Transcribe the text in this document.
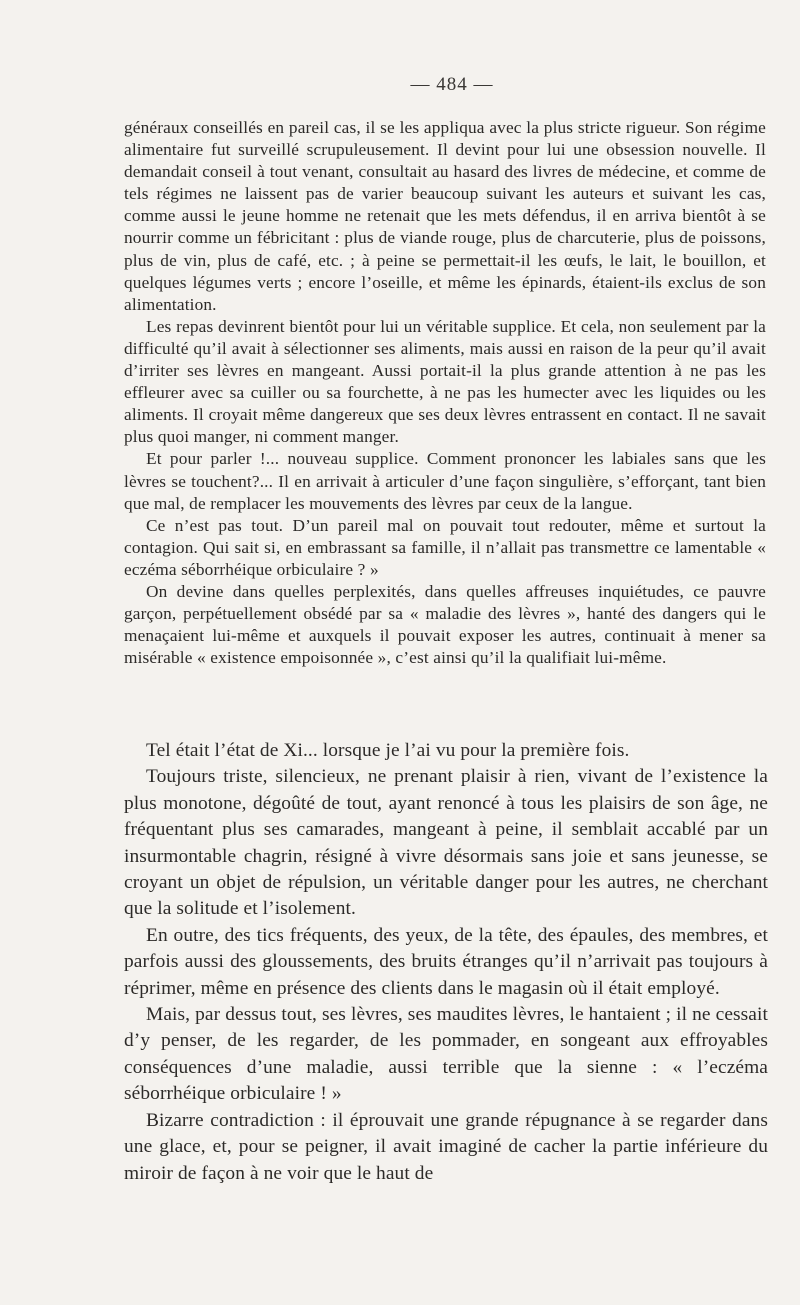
— 484 —

généraux conseillés en pareil cas, il se les appliqua avec la plus stricte rigueur. Son régime alimentaire fut surveillé scrupuleusement. Il devint pour lui une obsession nouvelle. Il demandait conseil à tout venant, consultait au hasard des livres de médecine, et comme de tels régimes ne laissent pas de varier beaucoup suivant les auteurs et suivant les cas, comme aussi le jeune homme ne retenait que les mets défendus, il en arriva bientôt à se nourrir comme un fébricitant : plus de viande rouge, plus de charcuterie, plus de poissons, plus de vin, plus de café, etc. ; à peine se permettait-il les œufs, le lait, le bouillon, et quelques légumes verts ; encore l’oseille, et même les épinards, étaient-ils exclus de son alimentation.

Les repas devinrent bientôt pour lui un véritable supplice. Et cela, non seulement par la difficulté qu’il avait à sélectionner ses aliments, mais aussi en raison de la peur qu’il avait d’irriter ses lèvres en mangeant. Aussi portait-il la plus grande attention à ne pas les effleurer avec sa cuiller ou sa fourchette, à ne pas les humecter avec les liquides ou les aliments. Il croyait même dangereux que ses deux lèvres entrassent en contact. Il ne savait plus quoi manger, ni comment manger.

Et pour parler !... nouveau supplice. Comment prononcer les labiales sans que les lèvres se touchent?... Il en arrivait à articuler d’une façon singulière, s’efforçant, tant bien que mal, de remplacer les mouvements des lèvres par ceux de la langue.

Ce n’est pas tout. D’un pareil mal on pouvait tout redouter, même et surtout la contagion. Qui sait si, en embrassant sa famille, il n’allait pas transmettre ce lamentable « eczéma séborrhéique orbiculaire ? »

On devine dans quelles perplexités, dans quelles affreuses inquiétudes, ce pauvre garçon, perpétuellement obsédé par sa « maladie des lèvres », hanté des dangers qui le menaçaient lui-même et auxquels il pouvait exposer les autres, continuait à mener sa misérable « existence empoisonnée », c’est ainsi qu’il la qualifiait lui-même.

Tel était l’état de Xi... lorsque je l’ai vu pour la première fois.

Toujours triste, silencieux, ne prenant plaisir à rien, vivant de l’existence la plus monotone, dégoûté de tout, ayant renoncé à tous les plaisirs de son âge, ne fréquentant plus ses camarades, mangeant à peine, il semblait accablé par un insurmontable chagrin, résigné à vivre désormais sans joie et sans jeunesse, se croyant un objet de répulsion, un véritable danger pour les autres, ne cherchant que la solitude et l’isolement.

En outre, des tics fréquents, des yeux, de la tête, des épaules, des membres, et parfois aussi des gloussements, des bruits étranges qu’il n’arrivait pas toujours à réprimer, même en présence des clients dans le magasin où il était employé.

Mais, par dessus tout, ses lèvres, ses maudites lèvres, le hantaient ; il ne cessait d’y penser, de les regarder, de les pommader, en songeant aux effroyables conséquences d’une maladie, aussi terrible que la sienne : « l’eczéma séborrhéique orbiculaire ! »

Bizarre contradiction : il éprouvait une grande répugnance à se regarder dans une glace, et, pour se peigner, il avait imaginé de cacher la partie inférieure du miroir de façon à ne voir que le haut de
